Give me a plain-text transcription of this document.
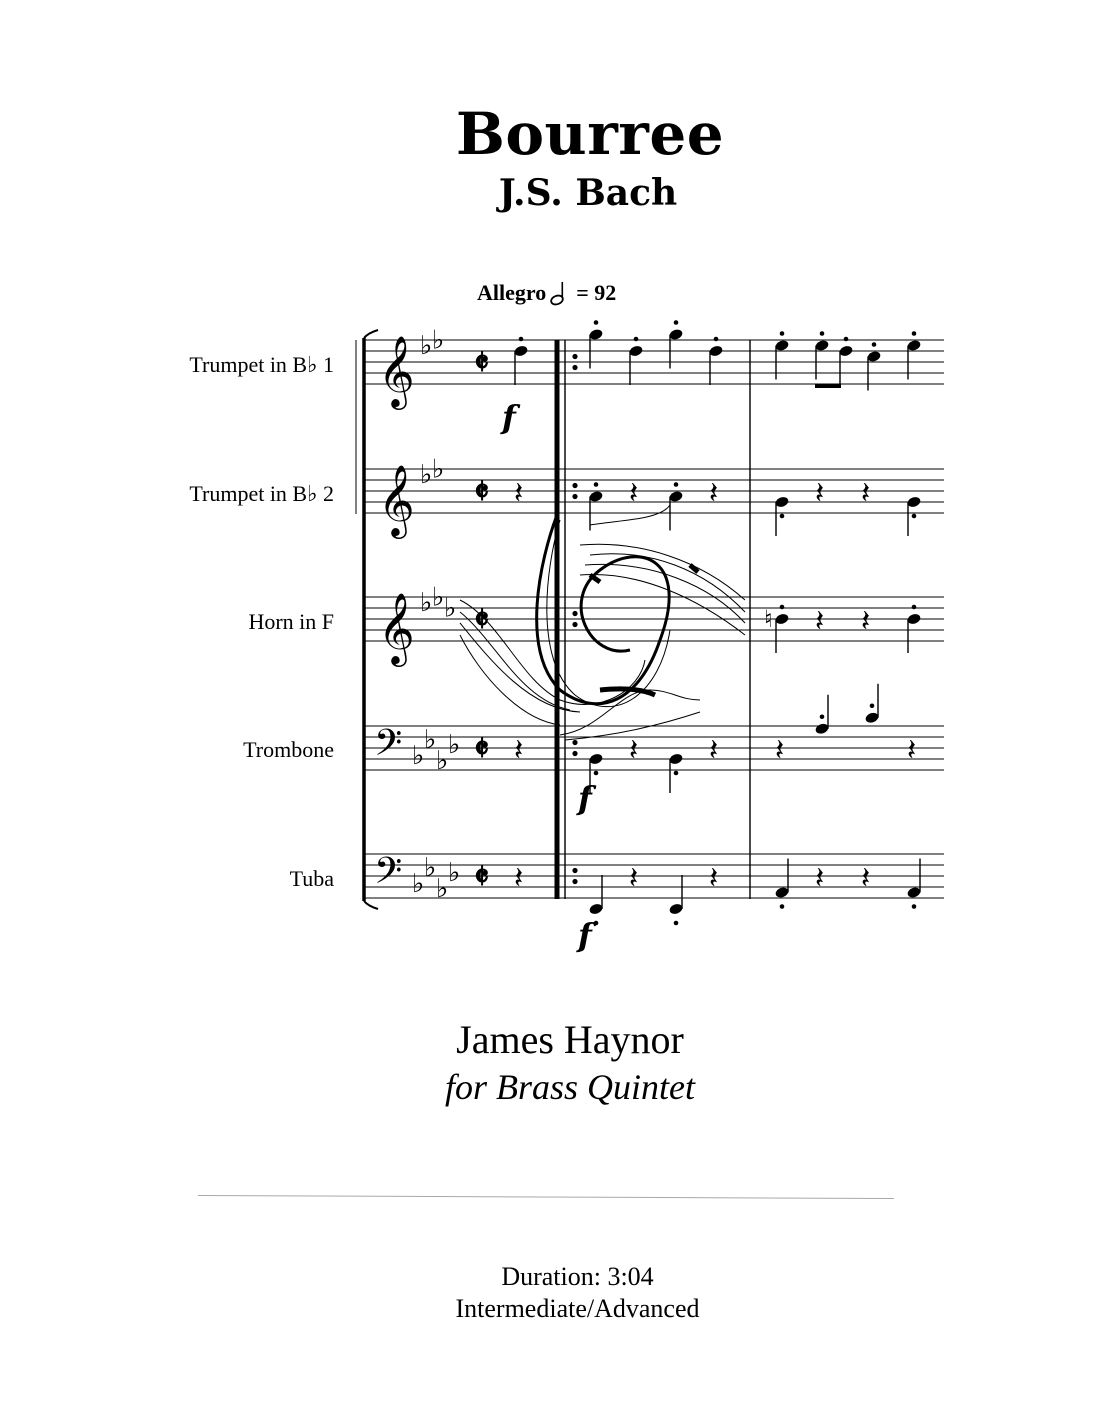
Bourree
J.S. Bach
Allegro = 92
Trumpet in B♭ 1
Trumpet in B♭ 2
Horn in F
Trombone
Tuba
𝄞
𝄞
𝄞
𝄢
𝄢
♭ ♭
♭ ♭
♭ ♭ ♭
♭
♭
♭
♭
♭
♭
♭
♭
𝄵
𝄵
𝄵
𝄵
𝄵
𝄽	𝄽 𝄽	𝄽 𝄽
♮ 𝄽 𝄽
𝄽	𝄽 𝄽 𝄽	𝄽
𝄽	𝄽 𝄽	𝄽 𝄽
f
f
f
James Haynor
for Brass Quintet
Duration: 3:04
Intermediate/Advanced
